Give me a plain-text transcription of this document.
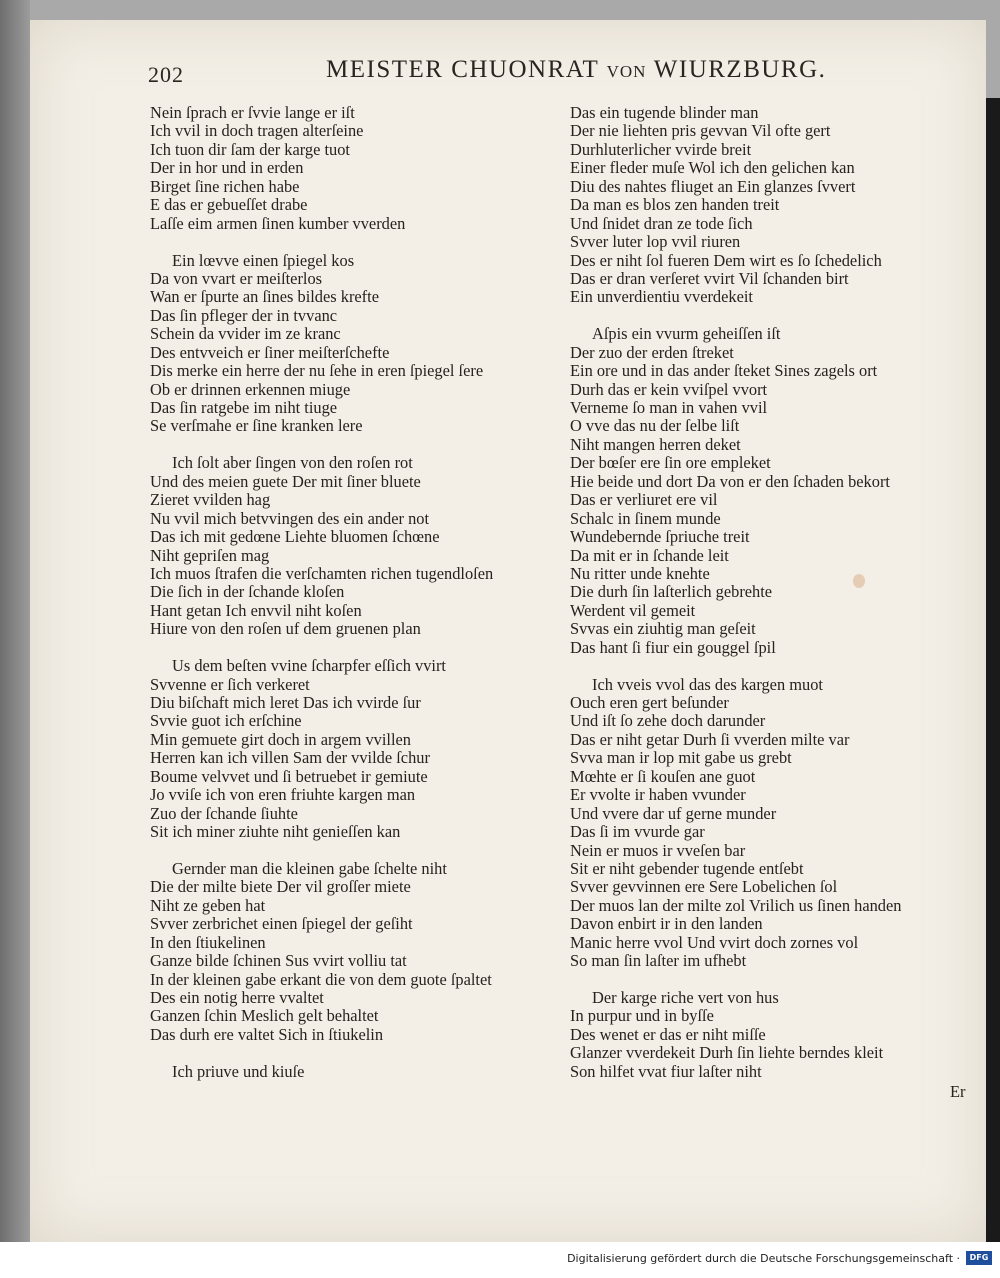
202	MEISTER CHUONRAT VON WIURZBURG.
Nein ſprach er ſvvie lange er iſt
Ich vvil in doch tragen alterſeine
Ich tuon dir ſam der karge tuot
Der in hor und in erden
Birget ſine richen habe
E das er gebueſſet drabe
Laſſe eim armen ſinen kumber vverden
Ein lœvve einen ſpiegel kos
Da von vvart er meiſterlos
Wan er ſpurte an ſines bildes krefte
Das ſin pfleger der in tvvanc
Schein da vvider im ze kranc
Des entvveich er ſiner meiſterſchefte
Dis merke ein herre der nu ſehe in eren ſpiegel ſere
Ob er drinnen erkennen miuge
Das ſin ratgebe im niht tiuge
Se verſmahe er ſine kranken lere
Ich ſolt aber ſingen von den roſen rot
Und des meien guete Der mit ſiner bluete
Zieret vvilden hag
Nu vvil mich betvvingen des ein ander not
Das ich mit gedœne Liehte bluomen ſchœne
Niht gepriſen mag
Ich muos ſtrafen die verſchamten richen tugendloſen
Die ſich in der ſchande kloſen
Hant getan Ich envvil niht koſen
Hiure von den roſen uf dem gruenen plan
Us dem beſten vvine ſcharpfer eſſich vvirt
Svvenne er ſich verkeret
Diu biſchaft mich leret Das ich vvirde ſur
Svvie guot ich erſchine
Min gemuete girt doch in argem vvillen
Herren kan ich villen Sam der vvilde ſchur
Boume velvvet und ſi betruebet ir gemiute
Jo vviſe ich von eren friuhte kargen man
Zuo der ſchande ſiuhte
Sit ich miner ziuhte niht genieſſen kan
Gernder man die kleinen gabe ſchelte niht
Die der milte biete Der vil groſſer miete
Niht ze geben hat
Svver zerbrichet einen ſpiegel der geſiht
In den ſtiukelinen
Ganze bilde ſchinen Sus vvirt volliu tat
In der kleinen gabe erkant die von dem guote ſpaltet
Des ein notig herre vvaltet
Ganzen ſchin Meslich gelt behaltet
Das durh ere valtet Sich in ſtiukelin
Ich priuve und kiuſe
Das ein tugende blinder man
Der nie liehten pris gevvan Vil ofte gert
Durhluterlicher vvirde breit
Einer fleder muſe Wol ich den gelichen kan
Diu des nahtes fliuget an Ein glanzes ſvvert
Da man es blos zen handen treit
Und ſnidet dran ze tode ſich
Svver luter lop vvil riuren
Des er niht ſol fueren Dem wirt es ſo ſchedelich
Das er dran verſeret vvirt Vil ſchanden birt
Ein unverdientiu vverdekeit
Aſpis ein vvurm geheiſſen iſt
Der zuo der erden ſtreket
Ein ore und in das ander ſteket Sines zagels ort
Durh das er kein vviſpel vvort
Verneme ſo man in vahen vvil
O vve das nu der ſelbe liſt
Niht mangen herren deket
Der bœſer ere ſin ore empleket
Hie beide und dort Da von er den ſchaden bekort
Das er verliuret ere vil
Schalc in ſinem munde
Wundebernde ſpriuche treit
Da mit er in ſchande leit
Nu ritter unde knehte
Die durh ſin laſterlich gebrehte
Werdent vil gemeit
Svvas ein ziuhtig man geſeit
Das hant ſi fiur ein gouggel ſpil
Ich vveis vvol das des kargen muot
Ouch eren gert beſunder
Und iſt ſo zehe doch darunder
Das er niht getar Durh ſi vverden milte var
Svva man ir lop mit gabe us grebt
Mœhte er ſi kouſen ane guot
Er vvolte ir haben vvunder
Und vvere dar uf gerne munder
Das ſi im vvurde gar
Nein er muos ir vveſen bar
Sit er niht gebender tugende entſebt
Svver gevvinnen ere Sere Lobelichen ſol
Der muos lan der milte zol Vrilich us ſinen handen
Davon enbirt ir in den landen
Manic herre vvol Und vvirt doch zornes vol
So man ſin laſter im ufhebt
Der karge riche vert von hus
In purpur und in byſſe
Des wenet er das er niht miſſe
Glanzer vverdekeit Durh ſin liehte berndes kleit
Son hilfet vvat fiur laſter niht
Er
Digitalisierung gefördert durch die Deutsche Forschungsgemeinschaft ·	DFG
